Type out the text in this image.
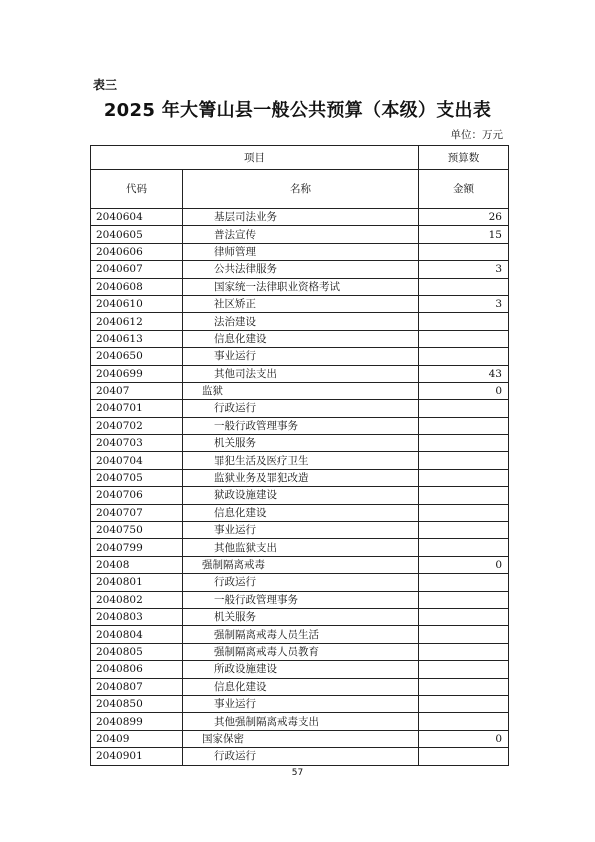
表三
2025 年大箐山县一般公共预算（本级）支出表
单位：万元
项目		预算数
代码	名称	金额
2040604	基层司法业务	26
2040605	普法宣传	15
2040606	律师管理	
2040607	公共法律服务	3
2040608	国家统一法律职业资格考试	
2040610	社区矫正	3
2040612	法治建设	
2040613	信息化建设	
2040650	事业运行	
2040699	其他司法支出	43
20407	监狱	0
2040701	行政运行	
2040702	一般行政管理事务	
2040703	机关服务	
2040704	罪犯生活及医疗卫生	
2040705	监狱业务及罪犯改造	
2040706	狱政设施建设	
2040707	信息化建设	
2040750	事业运行	
2040799	其他监狱支出	
20408	强制隔离戒毒	0
2040801	行政运行	
2040802	一般行政管理事务	
2040803	机关服务	
2040804	强制隔离戒毒人员生活	
2040805	强制隔离戒毒人员教育	
2040806	所政设施建设	
2040807	信息化建设	
2040850	事业运行	
2040899	其他强制隔离戒毒支出	
20409	国家保密	0
2040901	行政运行	
57
